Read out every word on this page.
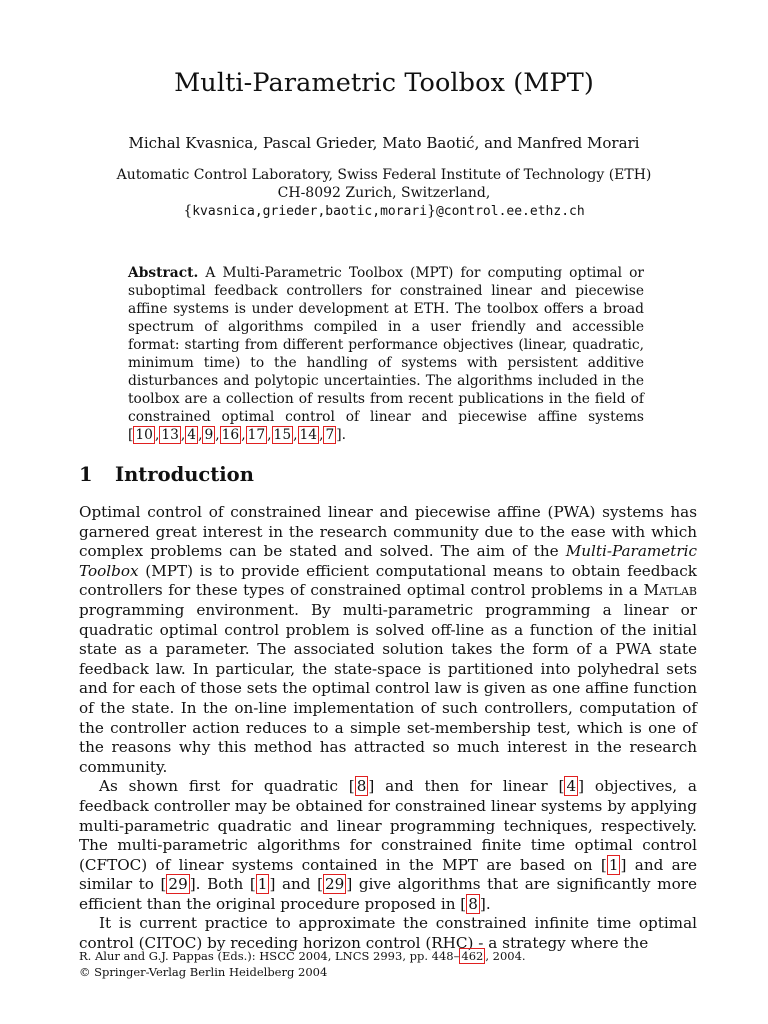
Multi-Parametric Toolbox (MPT)
Michal Kvasnica, Pascal Grieder, Mato Baotić, and Manfred Morari
Automatic Control Laboratory, Swiss Federal Institute of Technology (ETH)
CH-8092 Zurich, Switzerland,
{kvasnica,grieder,baotic,morari}@control.ee.ethz.ch
Abstract. A Multi-Parametric Toolbox (MPT) for computing optimal or suboptimal feedback controllers for constrained linear and piecewise affine systems is under development at ETH. The toolbox offers a broad spectrum of algorithms compiled in a user friendly and accessible format: starting from different performance objectives (linear, quadratic, minimum time) to the handling of systems with persistent additive disturbances and polytopic uncertainties. The algorithms included in the toolbox are a collection of results from recent publications in the field of constrained optimal control of linear and piecewise affine systems [ 10 , 13 , 4 , 9 , 16 , 17 , 15 , 14 , 7 ].
1 Introduction

Optimal control of constrained linear and piecewise affine (PWA) systems has garnered great interest in the research community due to the ease with which complex problems can be stated and solved. The aim of the Multi-Parametric Toolbox (MPT) is to provide efficient computational means to obtain feedback controllers for these types of constrained optimal control problems in a Matlab programming environment. By multi-parametric programming a linear or quadratic optimal control problem is solved off-line as a function of the initial state as a parameter. The associated solution takes the form of a PWA state feedback law. In particular, the state-space is partitioned into polyhedral sets and for each of those sets the optimal control law is given as one affine function of the state. In the on-line implementation of such controllers, computation of the controller action reduces to a simple set-membership test, which is one of the reasons why this method has attracted so much interest in the research community.

As shown first for quadratic [ 8 ] and then for linear [ 4 ] objectives, a feedback controller may be obtained for constrained linear systems by applying multi-parametric quadratic and linear programming techniques, respectively. The multi-parametric algorithms for constrained finite time optimal control (CFTOC) of linear systems contained in the MPT are based on [ 1 ] and are similar to [ 29 ]. Both [ 1 ] and [ 29 ] give algorithms that are significantly more efficient than the original procedure proposed in [ 8 ].

It is current practice to approximate the constrained infinite time optimal control (CITOC) by receding horizon control (RHC) - a strategy where the

R. Alur and G.J. Pappas (Eds.): HSCC 2004, LNCS 2993, pp. 448– 462 , 2004.
© Springer-Verlag Berlin Heidelberg 2004
